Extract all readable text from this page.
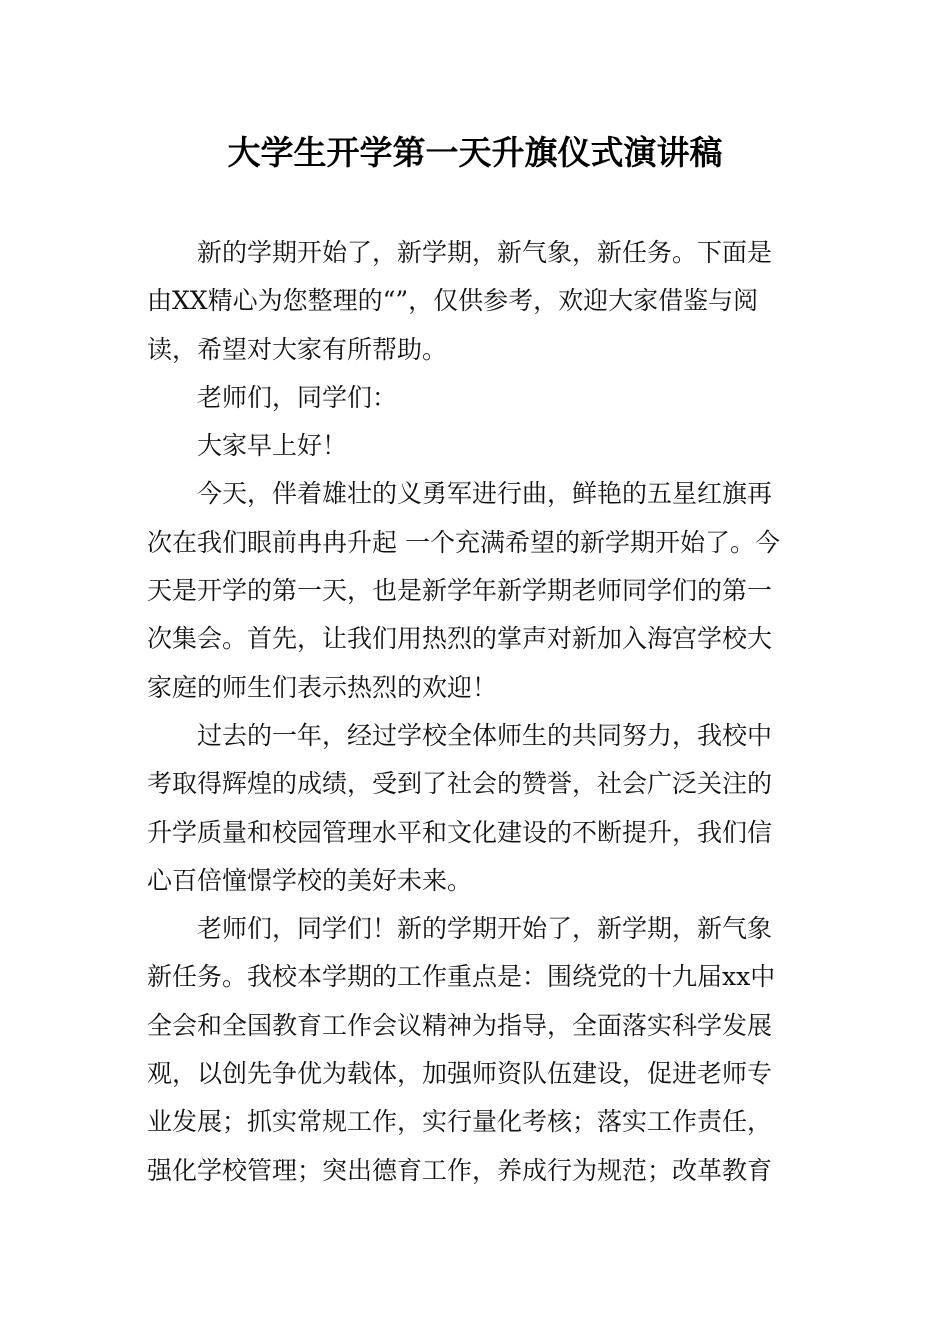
大学生开学第一天升旗仪式演讲稿

新的学期开始了，新学期，新气象，新任务。下面是
由XX精心为您整理的“”，仅供参考，欢迎大家借鉴与阅
读，希望对大家有所帮助。

老师们，同学们：

大家早上好！

今天，伴着雄壮的义勇军进行曲，鲜艳的五星红旗再
次在我们眼前冉冉升起 一个充满希望的新学期开始了。今
天是开学的第一天，也是新学年新学期老师同学们的第一
次集会。首先，让我们用热烈的掌声对新加入海宫学校大
家庭的师生们表示热烈的欢迎！

过去的一年，经过学校全体师生的共同努力，我校中
考取得辉煌的成绩，受到了社会的赞誉，社会广泛关注的
升学质量和校园管理水平和文化建设的不断提升，我们信
心百倍憧憬学校的美好未来。

老师们，同学们！新的学期开始了，新学期，新气象
新任务。我校本学期的工作重点是：围绕党的十九届xx中
全会和全国教育工作会议精神为指导，全面落实科学发展
观，以创先争优为载体，加强师资队伍建设，促进老师专
业发展；抓实常规工作，实行量化考核；落实工作责任，
强化学校管理；突出德育工作，养成行为规范；改革教育
